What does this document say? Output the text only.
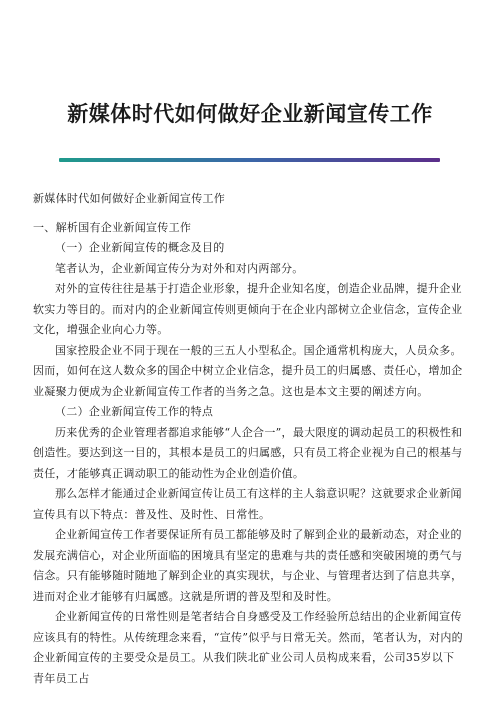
新媒体时代如何做好企业新闻宣传工作

新媒体时代如何做好企业新闻宣传工作

一、解析国有企业新闻宣传工作

（一）企业新闻宣传的概念及目的

笔者认为，企业新闻宣传分为对外和对内两部分。

对外的宣传往往是基于打造企业形象，提升企业知名度，创造企业品牌，提升企业软实力等目的。而对内的企业新闻宣传则更倾向于在企业内部树立企业信念，宣传企业文化，增强企业向心力等。

国家控股企业不同于现在一般的三五人小型私企。国企通常机构庞大，人员众多。因而，如何在这人数众多的国企中树立企业信念，提升员工的归属感、责任心，增加企业凝聚力便成为企业新闻宣传工作者的当务之急。这也是本文主要的阐述方向。

（二）企业新闻宣传工作的特点

历来优秀的企业管理者都追求能够“人企合一”，最大限度的调动起员工的积极性和创造性。要达到这一目的，其根本是员工的归属感，只有员工将企业视为自己的根基与责任，才能够真正调动职工的能动性为企业创造价值。

那么怎样才能通过企业新闻宣传让员工有这样的主人翁意识呢？这就要求企业新闻宣传具有以下特点：普及性、及时性、日常性。

企业新闻宣传工作者要保证所有员工都能够及时了解到企业的最新动态，对企业的发展充满信心，对企业所面临的困境具有坚定的患难与共的责任感和突破困境的勇气与信念。只有能够随时随地了解到企业的真实现状，与企业、与管理者达到了信息共享，进而对企业才能够有归属感。这就是所谓的普及型和及时性。

企业新闻宣传的日常性则是笔者结合自身感受及工作经验所总结出的企业新闻宣传应该具有的特性。从传统理念来看，“宣传”似乎与日常无关。然而，笔者认为，对内的企业新闻宣传的主要受众是员工。从我们陕北矿业公司人员构成来看，公司35岁以下青年员工占
